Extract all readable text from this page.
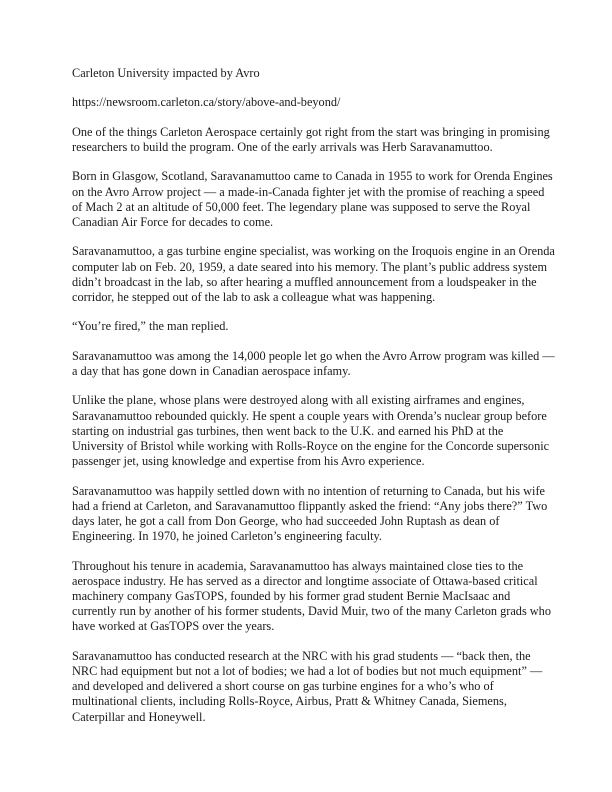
Carleton University impacted by Avro

https://newsroom.carleton.ca/story/above-and-beyond/

One of the things Carleton Aerospace certainly got right from the start was bringing in promising researchers to build the program. One of the early arrivals was Herb Saravanamuttoo.

Born in Glasgow, Scotland, Saravanamuttoo came to Canada in 1955 to work for Orenda Engines on the Avro Arrow project — a made-in-Canada fighter jet with the promise of reaching a speed of Mach 2 at an altitude of 50,000 feet. The legendary plane was supposed to serve the Royal Canadian Air Force for decades to come.

Saravanamuttoo, a gas turbine engine specialist, was working on the Iroquois engine in an Orenda computer lab on Feb. 20, 1959, a date seared into his memory. The plant’s public address system didn’t broadcast in the lab, so after hearing a muffled announcement from a loudspeaker in the corridor, he stepped out of the lab to ask a colleague what was happening.

“You’re fired,” the man replied.

Saravanamuttoo was among the 14,000 people let go when the Avro Arrow program was killed — a day that has gone down in Canadian aerospace infamy.

Unlike the plane, whose plans were destroyed along with all existing airframes and engines, Saravanamuttoo rebounded quickly. He spent a couple years with Orenda’s nuclear group before starting on industrial gas turbines, then went back to the U.K. and earned his PhD at the University of Bristol while working with Rolls-Royce on the engine for the Concorde supersonic passenger jet, using knowledge and expertise from his Avro experience.

Saravanamuttoo was happily settled down with no intention of returning to Canada, but his wife had a friend at Carleton, and Saravanamuttoo flippantly asked the friend: “Any jobs there?” Two days later, he got a call from Don George, who had succeeded John Ruptash as dean of Engineering. In 1970, he joined Carleton’s engineering faculty.

Throughout his tenure in academia, Saravanamuttoo has always maintained close ties to the aerospace industry. He has served as a director and longtime associate of Ottawa-based critical machinery company GasTOPS, founded by his former grad student Bernie MacIsaac and currently run by another of his former students, David Muir, two of the many Carleton grads who have worked at GasTOPS over the years.

Saravanamuttoo has conducted research at the NRC with his grad students — “back then, the NRC had equipment but not a lot of bodies; we had a lot of bodies but not much equipment” — and developed and delivered a short course on gas turbine engines for a who’s who of multinational clients, including Rolls-Royce, Airbus, Pratt & Whitney Canada, Siemens, Caterpillar and Honeywell.
